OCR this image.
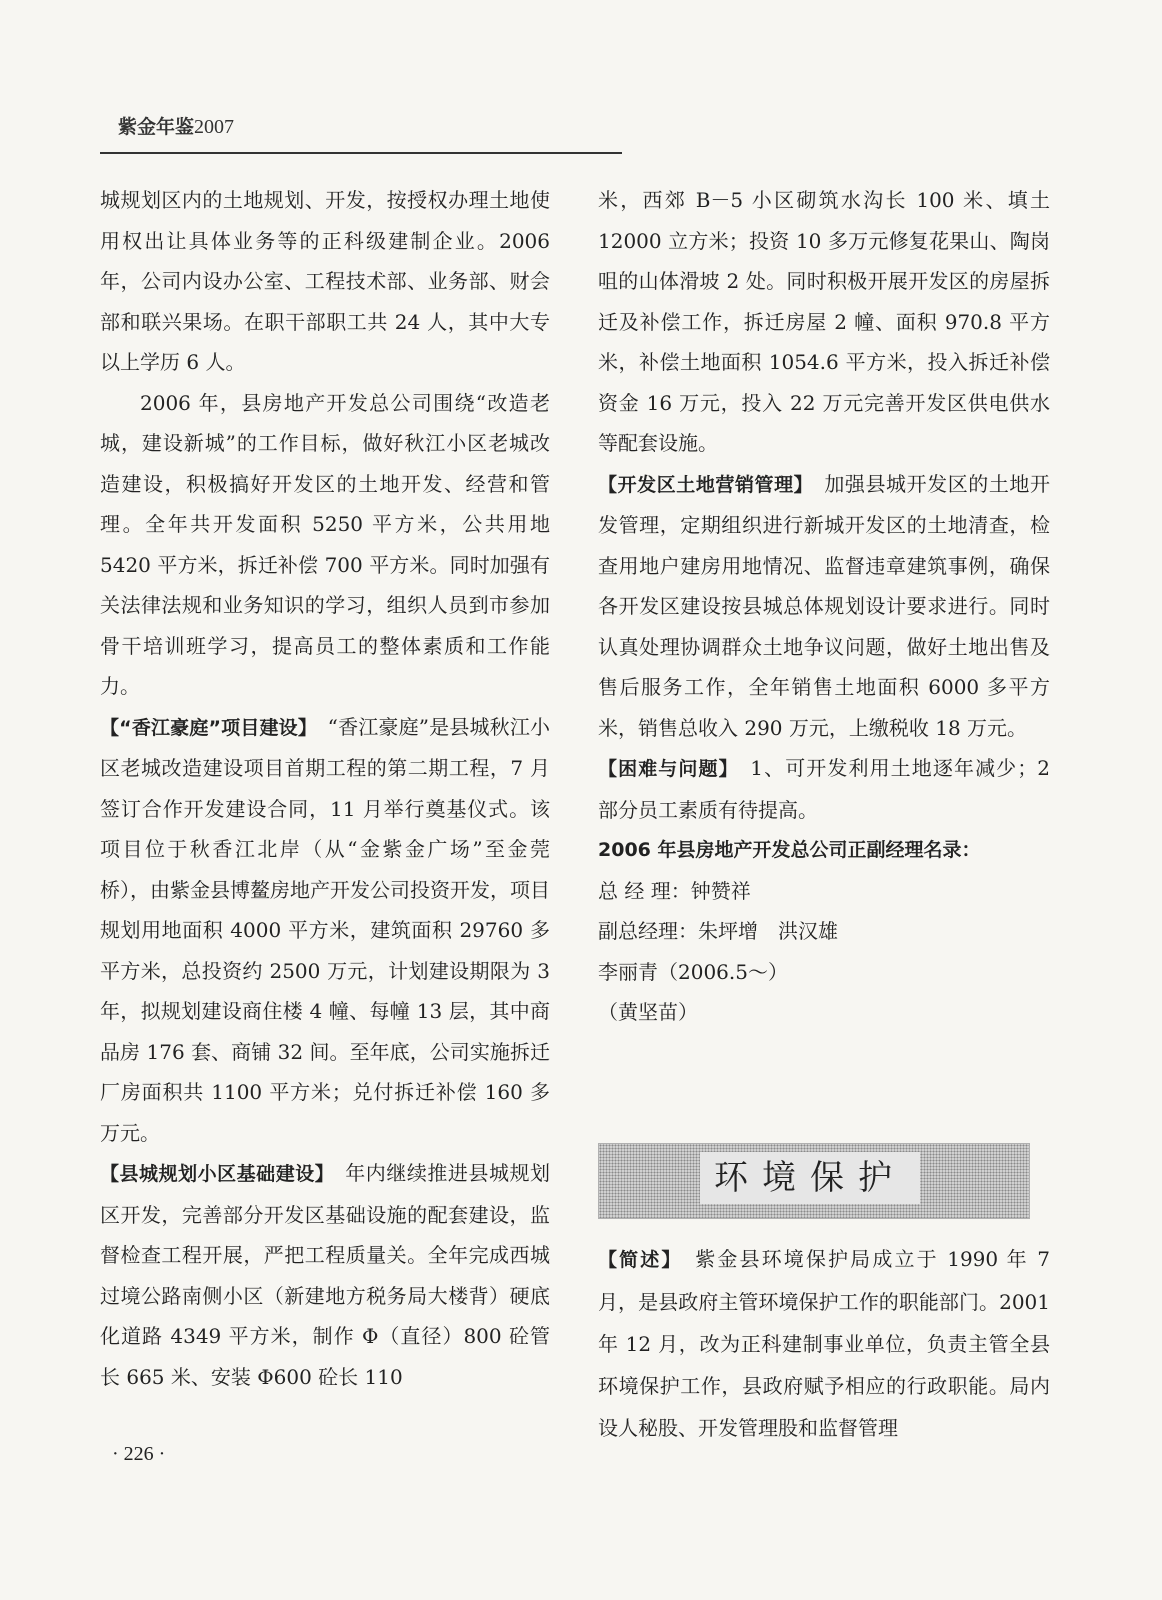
紫金年鉴2007

城规划区内的土地规划、开发，按授权办理土地使用权出让具体业务等的正科级建制企业。2006 年，公司内设办公室、工程技术部、业务部、财会部和联兴果场。在职干部职工共 24 人，其中大专以上学历 6 人。

2006 年，县房地产开发总公司围绕“改造老城，建设新城”的工作目标，做好秋江小区老城改造建设，积极搞好开发区的土地开发、经营和管理。全年共开发面积 5250 平方米，公共用地 5420 平方米，拆迁补偿 700 平方米。同时加强有关法律法规和业务知识的学习，组织人员到市参加骨干培训班学习，提高员工的整体素质和工作能力。

【“香江豪庭”项目建设】　“香江豪庭”是县城秋江小区老城改造建设项目首期工程的第二期工程，7 月签订合作开发建设合同，11 月举行奠基仪式。该项目位于秋香江北岸（从“金紫金广场”至金莞桥），由紫金县博鳌房地产开发公司投资开发，项目规划用地面积 4000 平方米，建筑面积 29760 多平方米，总投资约 2500 万元，计划建设期限为 3 年，拟规划建设商住楼 4 幢、每幢 13 层，其中商品房 176 套、商铺 32 间。至年底，公司实施拆迁厂房面积共 1100 平方米；兑付拆迁补偿 160 多万元。

【县城规划小区基础建设】　年内继续推进县城规划区开发，完善部分开发区基础设施的配套建设，监督检查工程开展，严把工程质量关。全年完成西城过境公路南侧小区（新建地方税务局大楼背）硬底化道路 4349 平方米，制作 Φ（直径）800 砼管长 665 米、安装 Φ600 砼长 110

米，西郊 B－5 小区砌筑水沟长 100 米、填土 12000 立方米；投资 10 多万元修复花果山、陶岗咀的山体滑坡 2 处。同时积极开展开发区的房屋拆迁及补偿工作，拆迁房屋 2 幢、面积 970.8 平方米，补偿土地面积 1054.6 平方米，投入拆迁补偿资金 16 万元，投入 22 万元完善开发区供电供水等配套设施。

【开发区土地营销管理】　加强县城开发区的土地开发管理，定期组织进行新城开发区的土地清查，检查用地户建房用地情况、监督违章建筑事例，确保各开发区建设按县城总体规划设计要求进行。同时认真处理协调群众土地争议问题，做好土地出售及售后服务工作，全年销售土地面积 6000 多平方米，销售总收入 290 万元，上缴税收 18 万元。

【困难与问题】　1、可开发利用土地逐年减少；2 部分员工素质有待提高。

2006 年县房地产开发总公司正副经理名录：

总 经 理：钟赞祥

副总经理：朱坪增　洪汉雄

李丽青（2006.5～）

（黄坚苗）

环境保护

【简述】　紫金县环境保护局成立于 1990 年 7 月，是县政府主管环境保护工作的职能部门。2001 年 12 月，改为正科建制事业单位，负责主管全县环境保护工作，县政府赋予相应的行政职能。局内设人秘股、开发管理股和监督管理

· 226 ·
